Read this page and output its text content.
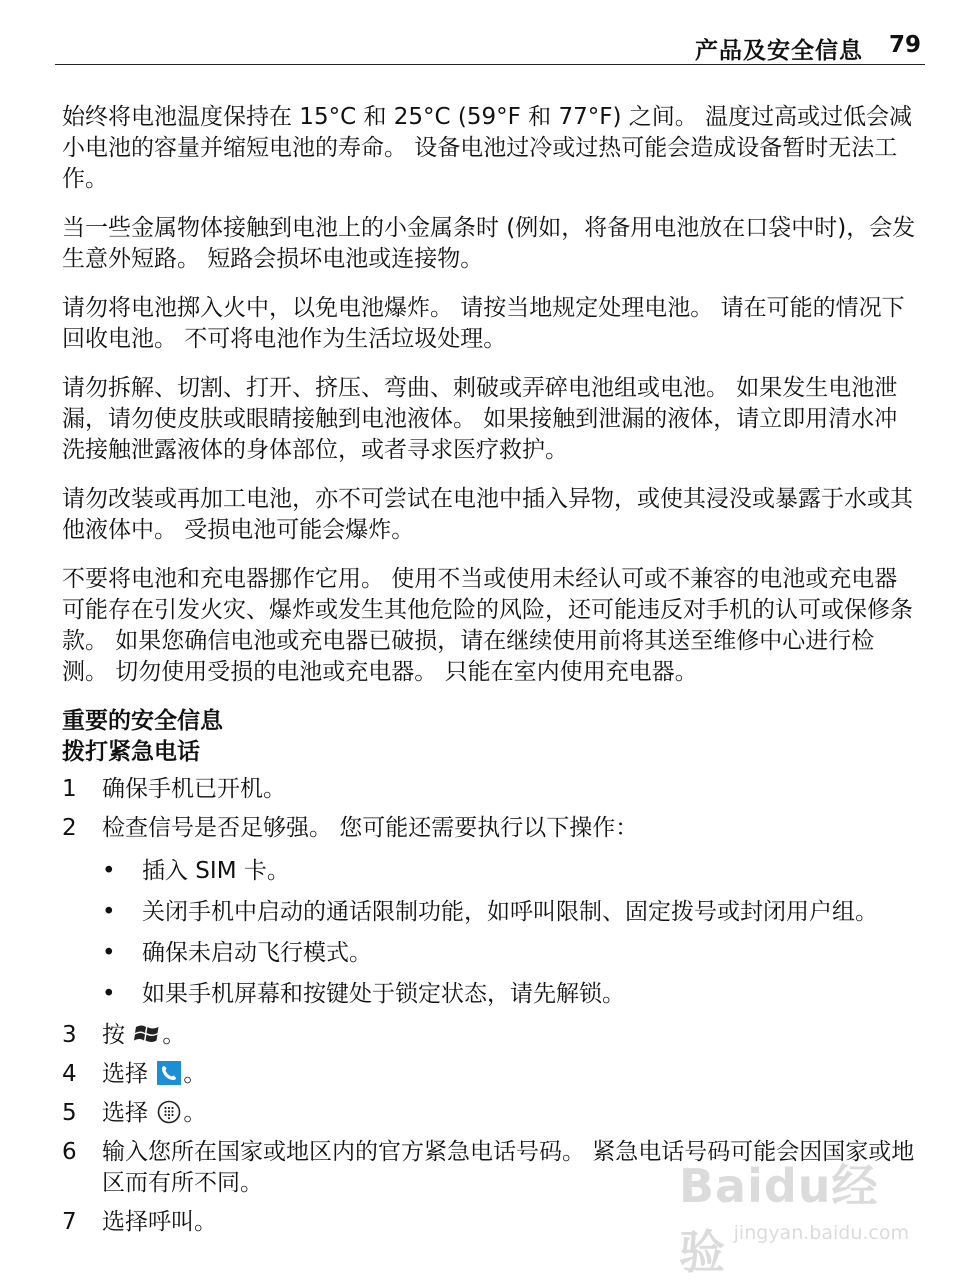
产品及安全信息 79

始终将电池温度保持在 15°C 和 25°C (59°F 和 77°F) 之间。 温度过高或过低会减小电池的容量并缩短电池的寿命。 设备电池过冷或过热可能会造成设备暂时无法工作。

当一些金属物体接触到电池上的小金属条时 (例如，将备用电池放在口袋中时)，会发生意外短路。 短路会损坏电池或连接物。

请勿将电池掷入火中，以免电池爆炸。 请按当地规定处理电池。 请在可能的情况下回收电池。 不可将电池作为生活垃圾处理。

请勿拆解、切割、打开、挤压、弯曲、刺破或弄碎电池组或电池。 如果发生电池泄漏，请勿使皮肤或眼睛接触到电池液体。 如果接触到泄漏的液体，请立即用清水冲洗接触泄露液体的身体部位，或者寻求医疗救护。

请勿改装或再加工电池，亦不可尝试在电池中插入异物，或使其浸没或暴露于水或其他液体中。 受损电池可能会爆炸。

不要将电池和充电器挪作它用。 使用不当或使用未经认可或不兼容的电池或充电器可能存在引发火灾、爆炸或发生其他危险的风险，还可能违反对手机的认可或保修条款。 如果您确信电池或充电器已破损，请在继续使用前将其送至维修中心进行检测。 切勿使用受损的电池或充电器。 只能在室内使用充电器。

重要的安全信息
拨打紧急电话
1 确保手机已开机。
2 检查信号是否足够强。 您可能还需要执行以下操作：
• 插入 SIM 卡。
• 关闭手机中启动的通话限制功能，如呼叫限制、固定拨号或封闭用户组。
• 确保未启动飞行模式。
• 如果手机屏幕和按键处于锁定状态，请先解锁。
3 按 。
4 选择 。
5 选择 。
6 输入您所在国家或地区内的官方紧急电话号码。 紧急电话号码可能会因国家或地区而有所不同。
7 选择呼叫。
Baidu经验 jingyan.baidu.com
